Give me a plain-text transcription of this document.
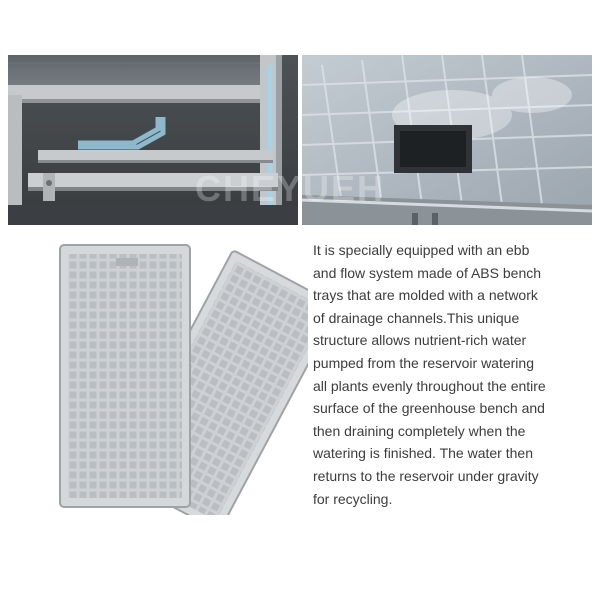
CHEYUEH

It is specially equipped with an ebb
and flow system made of ABS bench
trays that are molded with a network
of drainage channels.This unique
structure allows nutrient-rich water
pumped from the reservoir watering
all plants evenly throughout the entire
surface of the greenhouse bench and
then draining completely when the
watering is finished. The water then
returns to the reservoir under gravity
for recycling.
